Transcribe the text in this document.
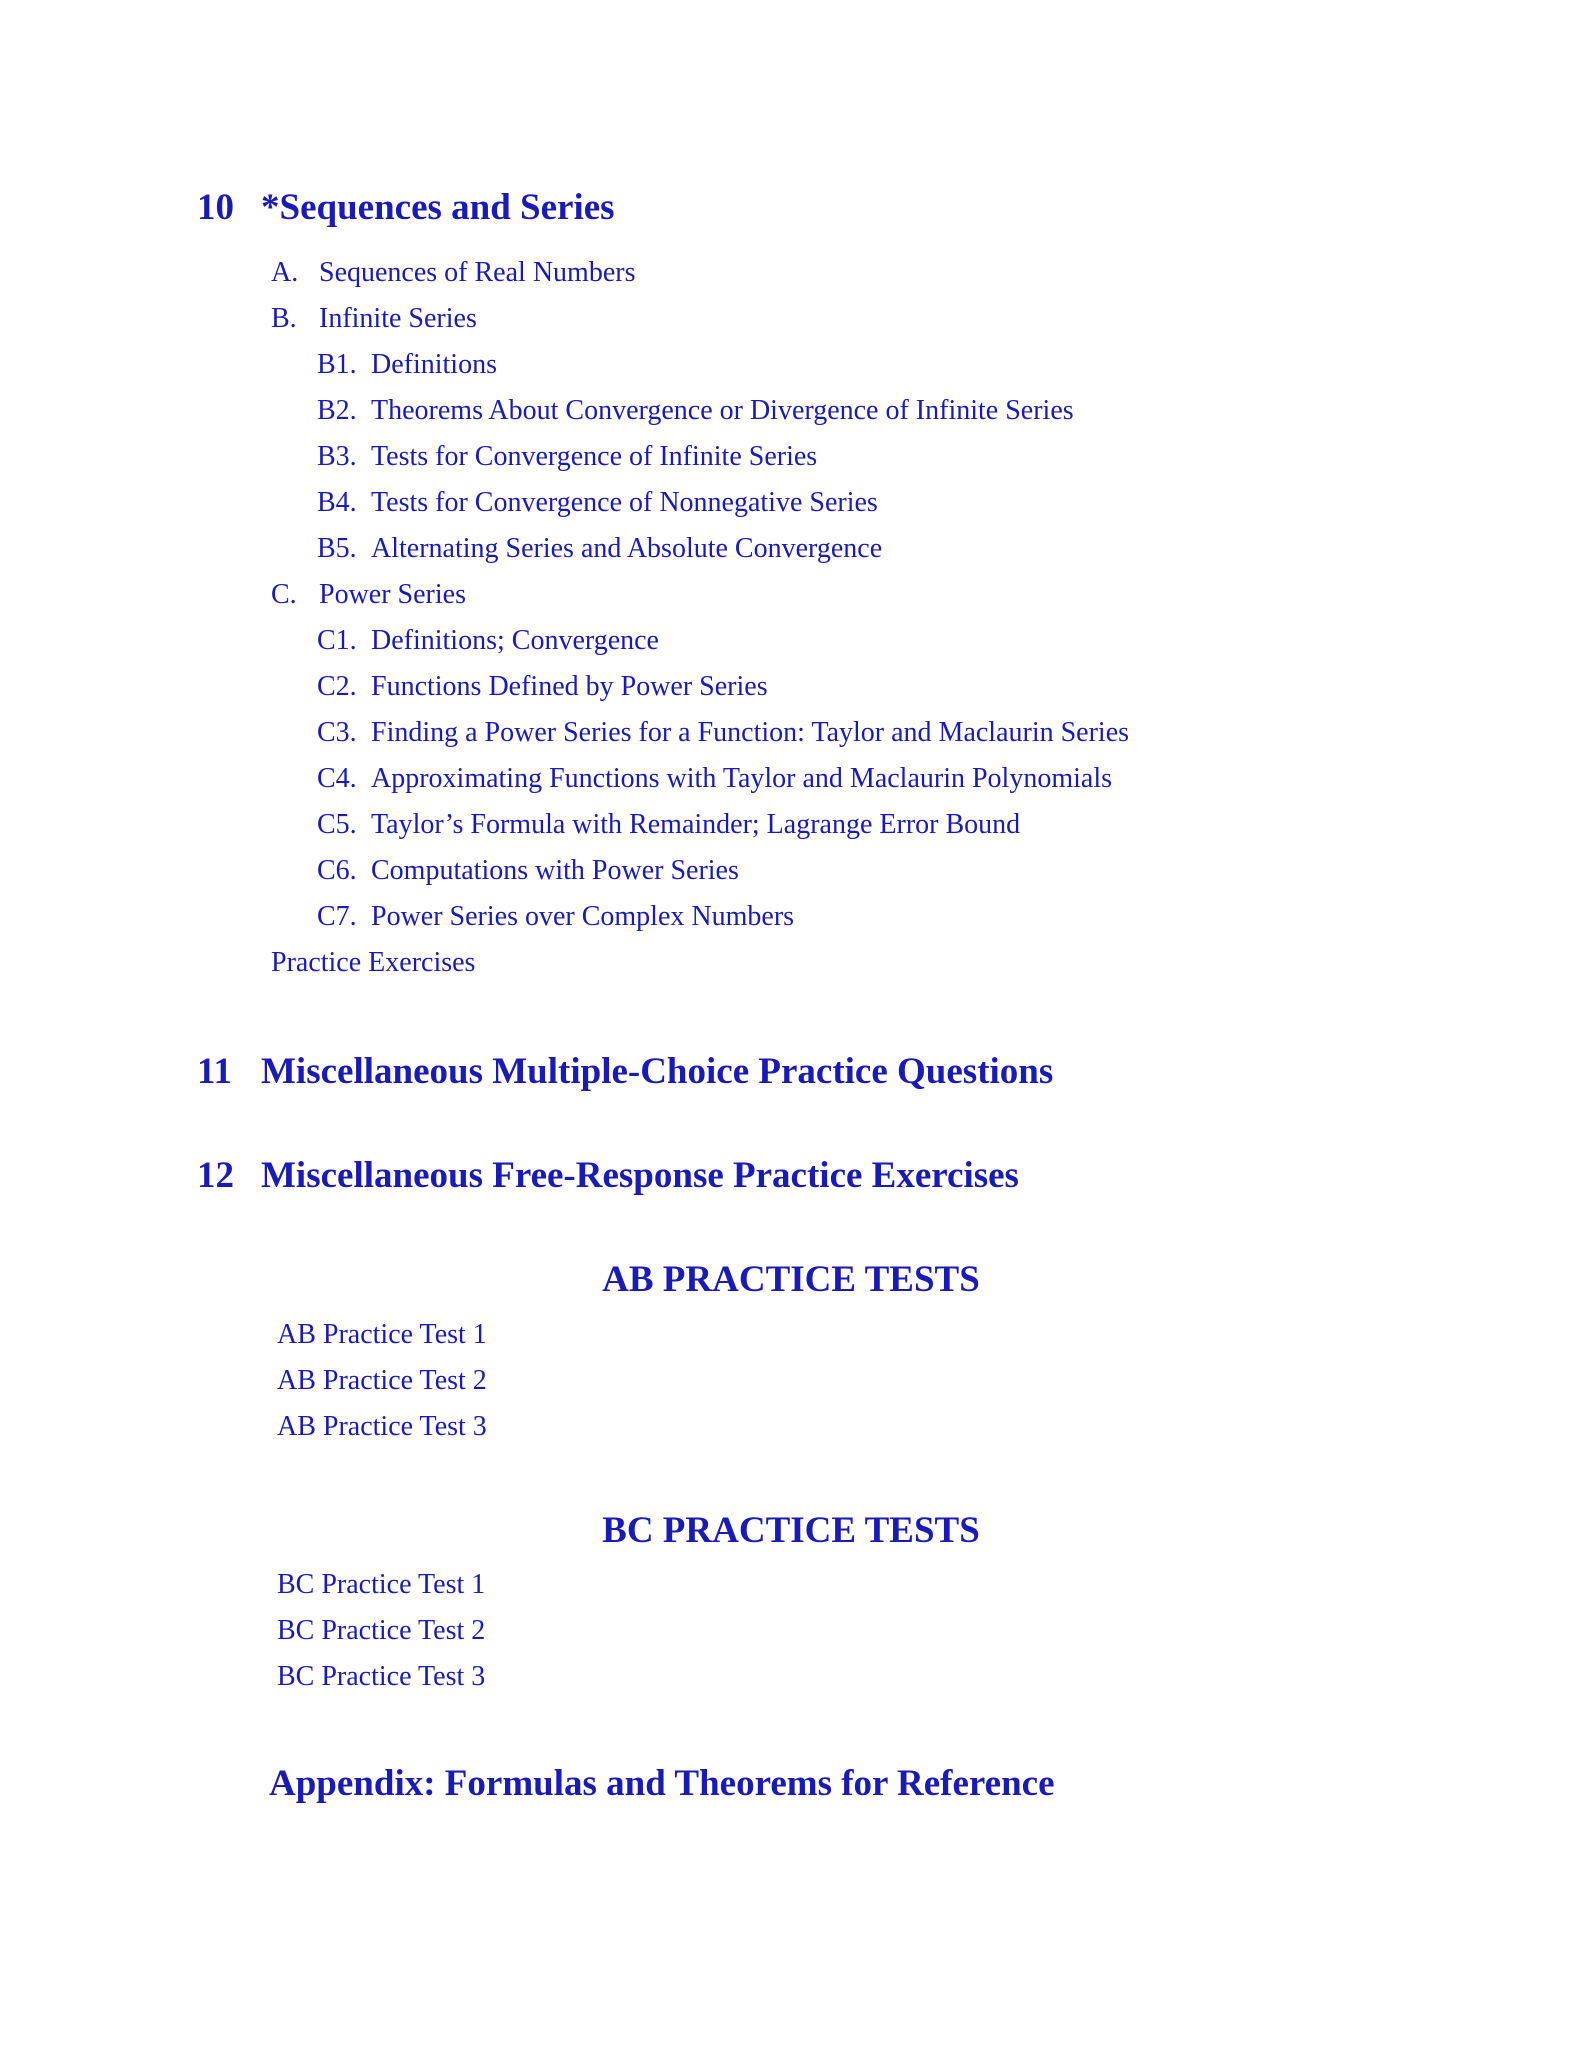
10 *Sequences and Series
A. Sequences of Real Numbers
B. Infinite Series
B1. Definitions
B2. Theorems About Convergence or Divergence of Infinite Series
B3. Tests for Convergence of Infinite Series
B4. Tests for Convergence of Nonnegative Series
B5. Alternating Series and Absolute Convergence
C. Power Series
C1. Definitions; Convergence
C2. Functions Defined by Power Series
C3. Finding a Power Series for a Function: Taylor and Maclaurin Series
C4. Approximating Functions with Taylor and Maclaurin Polynomials
C5. Taylor’s Formula with Remainder; Lagrange Error Bound
C6. Computations with Power Series
C7. Power Series over Complex Numbers
Practice Exercises
11 Miscellaneous Multiple-Choice Practice Questions
12 Miscellaneous Free-Response Practice Exercises
AB PRACTICE TESTS
AB Practice Test 1
AB Practice Test 2
AB Practice Test 3
BC PRACTICE TESTS
BC Practice Test 1
BC Practice Test 2
BC Practice Test 3
Appendix: Formulas and Theorems for Reference
